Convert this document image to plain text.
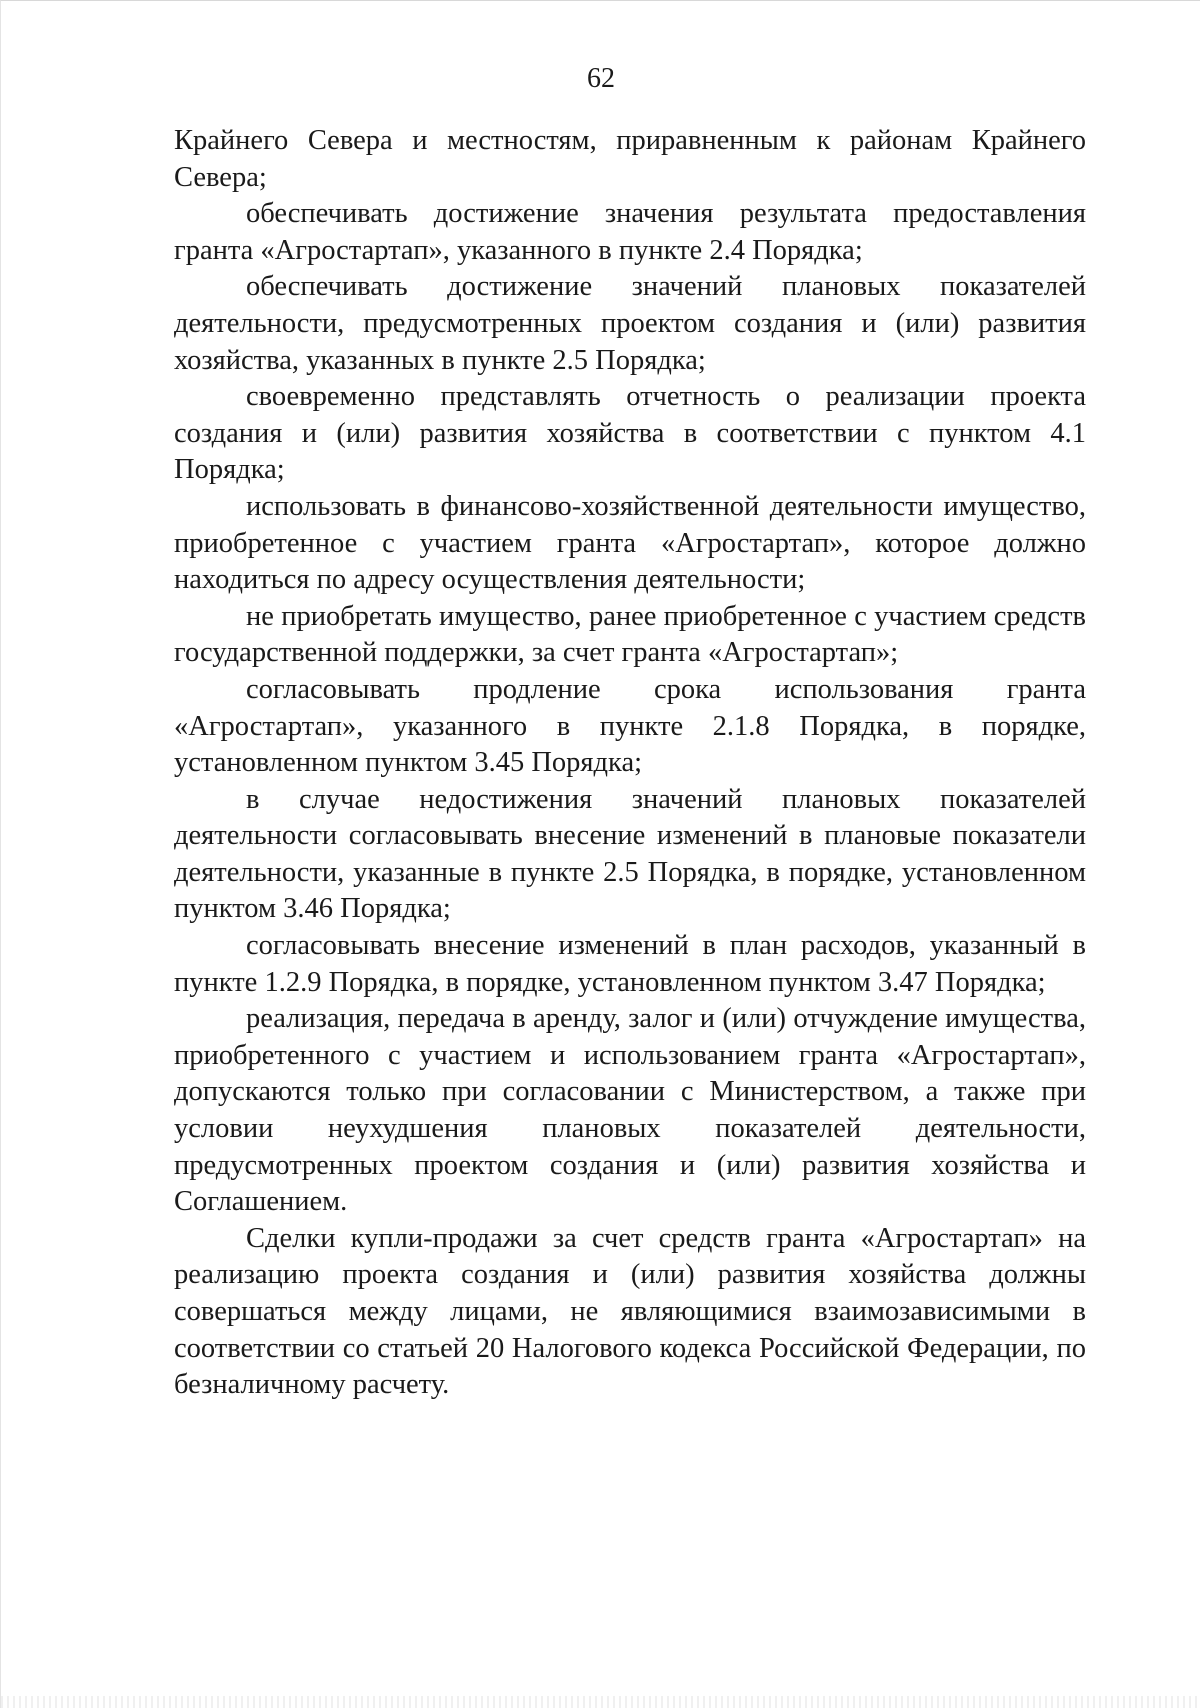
62

Крайнего Севера и местностям, приравненным к районам Крайнего Севера;

обеспечивать достижение значения результата предоставления гранта «Агростартап», указанного в пункте 2.4 Порядка;

обеспечивать достижение значений плановых показателей деятельности, предусмотренных проектом создания и (или) развития хозяйства, указанных в пункте 2.5 Порядка;

своевременно представлять отчетность о реализации проекта создания и (или) развития хозяйства в соответствии с пунктом 4.1 Порядка;

использовать в финансово-хозяйственной деятельности имущество, приобретенное с участием гранта «Агростартап», которое должно находиться по адресу осуществления деятельности;

не приобретать имущество, ранее приобретенное с участием средств государственной поддержки, за счет гранта «Агростартап»;

согласовывать продление срока использования гранта «Агростартап», указанного в пункте 2.1.8 Порядка, в порядке, установленном пунктом 3.45 Порядка;

в случае недостижения значений плановых показателей деятельности согласовывать внесение изменений в плановые показатели деятельности, указанные в пункте 2.5 Порядка, в порядке, установленном пунктом 3.46 Порядка;

согласовывать внесение изменений в план расходов, указанный в пункте 1.2.9 Порядка, в порядке, установленном пунктом 3.47 Порядка;

реализация, передача в аренду, залог и (или) отчуждение имущества, приобретенного с участием и использованием гранта «Агростартап», допускаются только при согласовании с Министерством, а также при условии неухудшения плановых показателей деятельности, предусмотренных проектом создания и (или) развития хозяйства и Соглашением.

Сделки купли-продажи за счет средств гранта «Агростартап» на реализацию проекта создания и (или) развития хозяйства должны совершаться между лицами, не являющимися взаимозависимыми в соответствии со статьей 20 Налогового кодекса Российской Федерации, по безналичному расчету.
